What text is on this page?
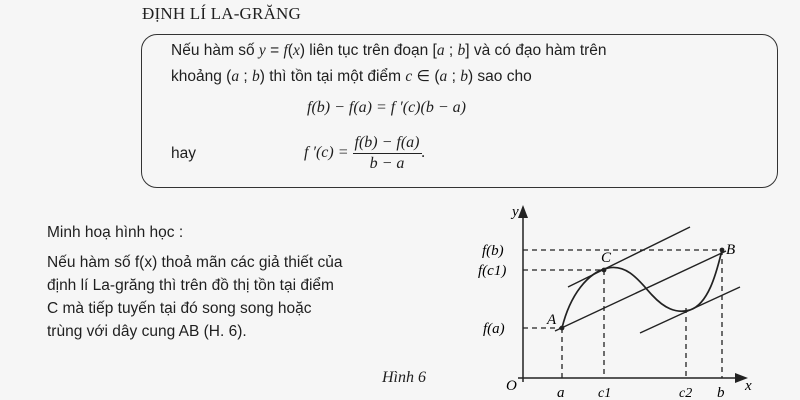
ĐỊNH LÍ LA-GRĂNG
Nếu hàm số y = f(x) liên tục trên đoạn [a ; b] và có đạo hàm trên
khoảng (a ; b) thì tồn tại một điểm c ∈ (a ; b) sao cho
f(b) − f(a) = f ′(c)(b − a)
hay	f $'(c) = \frac{f(b) - f(a)}{b - a}$ .
Minh hoạ hình học :
Nếu hàm số f(x) thoả mãn các giả thiết của
định lí La-grăng thì trên đồ thị tồn tại điểm
C mà tiếp tuyến tại đó song song hoặc
trùng với dây cung AB (H. 6).
Hình 6
y
x
O
f(b)
f(c1)
f(a)
a c1	c2 b
A
B
C
